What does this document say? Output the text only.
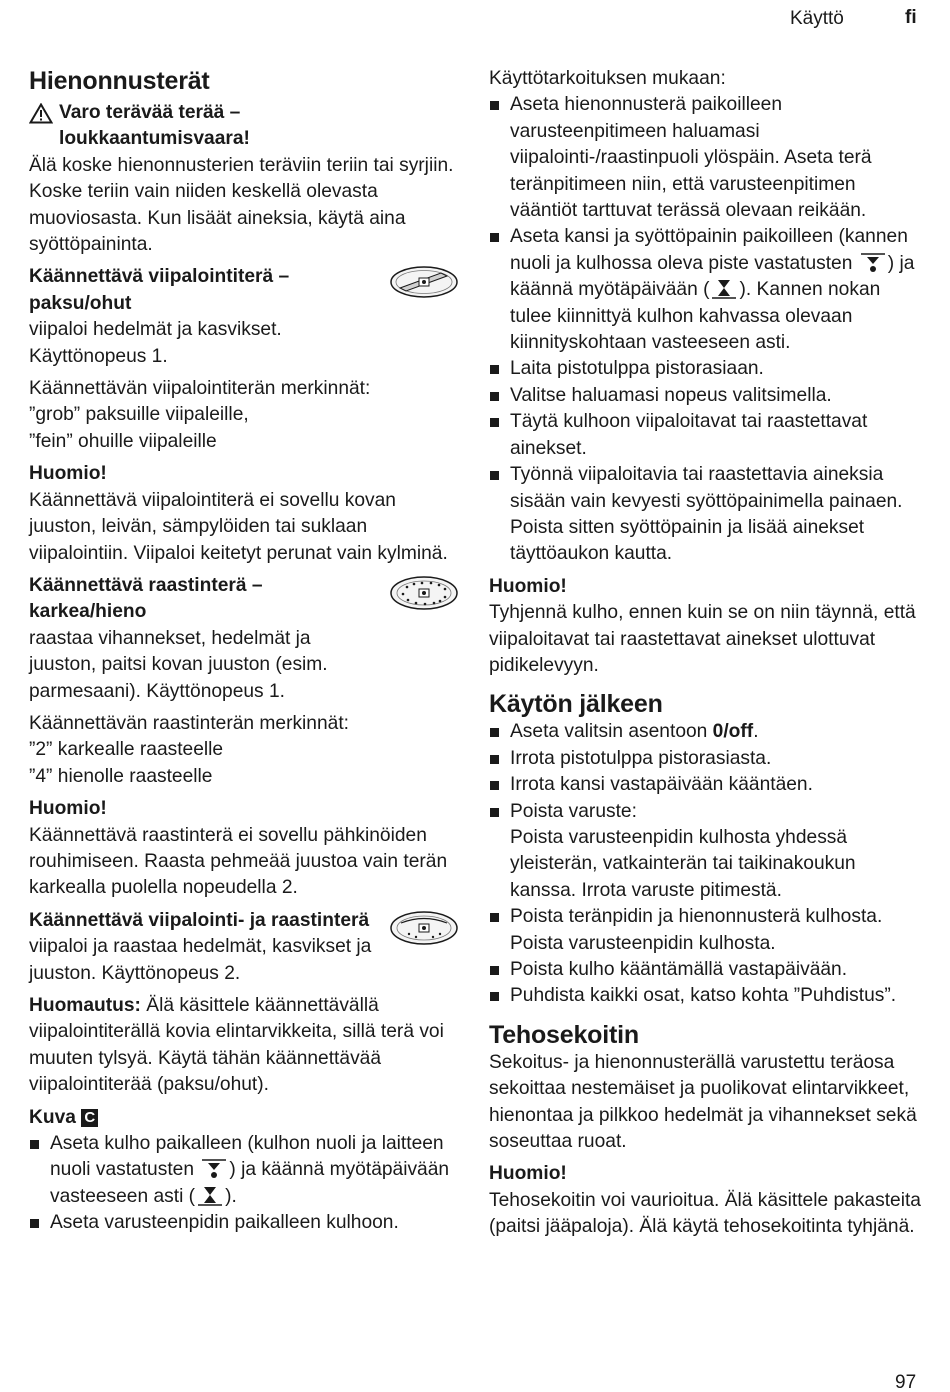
Käyttö	fi
Hienonnusterät
Varo terävää terää –
loukkaantumisvaara!
Älä koske hienonnusterien teräviin teriin tai syrjiin. Koske teriin vain niiden keskellä olevasta muoviosasta. Kun lisäät aineksia, käytä aina syöttöpaininta.
Käännettävä viipalointiterä – paksu/ohut
viipaloi hedelmät ja kasvikset. Käyttönopeus 1.
Käännettävän viipalointiterän merkinnät:
”grob” paksuille viipaleille,
”fein” ohuille viipaleille
Huomio!
Käännettävä viipalointiterä ei sovellu kovan juuston, leivän, sämpylöiden tai suklaan viipalointiin. Viipaloi keitetyt perunat vain kylminä.
Käännettävä raastinterä – karkea/hieno
raastaa vihannekset, hedelmät ja juuston, paitsi kovan juuston (esim. parmesaani). Käyttönopeus 1.
Käännettävän raastinterän merkinnät:
”2” karkealle raasteelle
”4” hienolle raasteelle
Huomio!
Käännettävä raastinterä ei sovellu pähkinöiden rouhimiseen. Raasta pehmeää juustoa vain terän karkealla puolella nopeudella 2.
Käännettävä viipalointi- ja raastinterä
viipaloi ja raastaa hedelmät, kasvikset ja juuston. Käyttönopeus 2.
Huomautus: Älä käsittele käännettävällä viipalointiterällä kovia elintarvikkeita, sillä terä voi muuten tylsyä. Käytä tähän käännettävää viipalointiterää (paksu/ohut).
Kuva C
Aseta kulho paikalleen (kulhon nuoli ja laitteen nuoli vastatusten ) ja käännä myötäpäivään vasteeseen asti ( ).
Aseta varusteenpidin paikalleen kulhoon.
Käyttötarkoituksen mukaan:
Aseta hienonnusterä paikoilleen varusteenpitimeen haluamasi viipalointi-/raastinpuoli ylöspäin. Aseta terä teränpitimeen niin, että varusteenpitimen vääntiöt tarttuvat terässä olevaan reikään.
Aseta kansi ja syöttöpainin paikoilleen (kannen nuoli ja kulhossa oleva piste vastatusten ) ja käännä myötäpäivään ( ). Kannen nokan tulee kiinnittyä kulhon kahvassa olevaan kiinnityskohtaan vasteeseen asti.
Laita pistotulppa pistorasiaan.
Valitse haluamasi nopeus valitsimella.
Täytä kulhoon viipaloitavat tai raastettavat ainekset.
Työnnä viipaloitavia tai raastettavia aineksia sisään vain kevyesti syöttöpainimella painaen. Poista sitten syöttöpainin ja lisää ainekset täyttöaukon kautta.
Huomio!
Tyhjennä kulho, ennen kuin se on niin täynnä, että viipaloitavat tai raastettavat ainekset ulottuvat pidikelevyyn.
Käytön jälkeen
Aseta valitsin asentoon 0/off.
Irrota pistotulppa pistorasiasta.
Irrota kansi vastapäivään kääntäen.
Poista varuste:
Poista varusteenpidin kulhosta yhdessä yleisterän, vatkainterän tai taikinakoukun kanssa. Irrota varuste pitimestä.
Poista teränpidin ja hienonnusterä kulhosta. Poista varusteenpidin kulhosta.
Poista kulho kääntämällä vastapäivään.
Puhdista kaikki osat, katso kohta ”Puhdistus”.
Tehosekoitin
Sekoitus- ja hienonnusterällä varustettu teräosa sekoittaa nestemäiset ja puolikovat elintarvikkeet, hienontaa ja pilkkoo hedelmät ja vihannekset sekä soseuttaa ruoat.
Huomio!
Tehosekoitin voi vaurioitua. Älä käsittele pakasteita (paitsi jääpaloja). Älä käytä tehosekoitinta tyhjänä.
97
